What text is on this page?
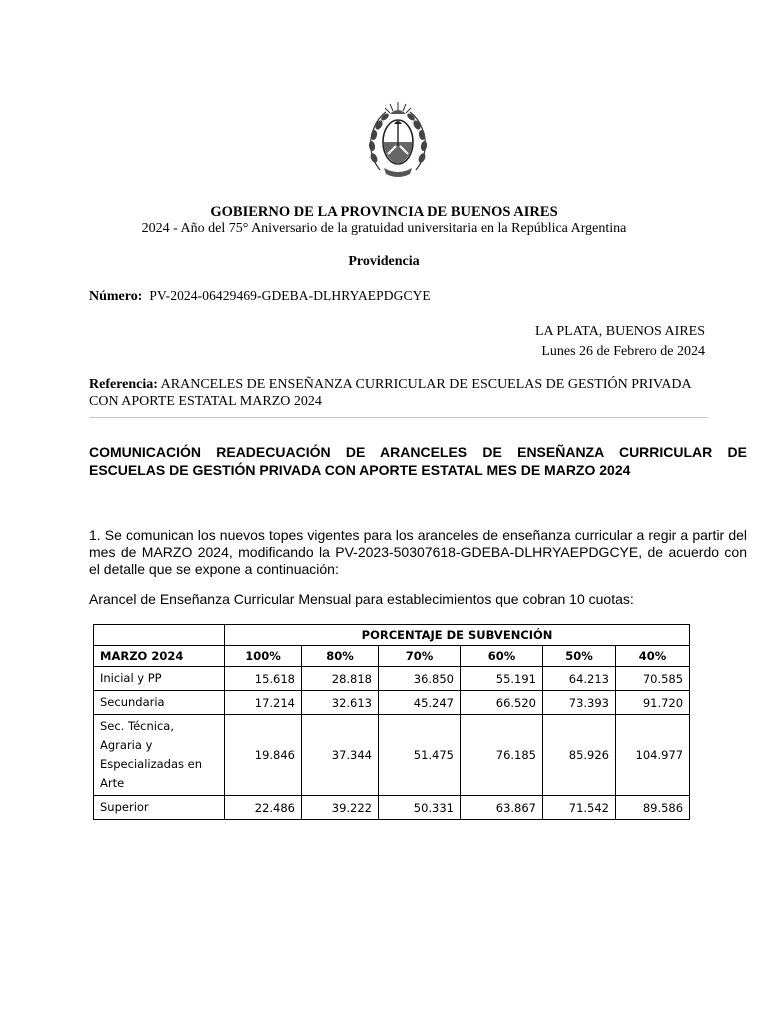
GOBIERNO DE LA PROVINCIA DE BUENOS AIRES
2024 - Año del 75° Aniversario de la gratuidad universitaria en la República Argentina
Providencia
Número: PV-2024-06429469-GDEBA-DLHRYAEPDGCYE
LA PLATA, BUENOS AIRES
Lunes 26 de Febrero de 2024
Referencia: ARANCELES DE ENSEÑANZA CURRICULAR DE ESCUELAS DE GESTIÓN PRIVADA CON APORTE ESTATAL MARZO 2024
COMUNICACIÓN READECUACIÓN DE ARANCELES DE ENSEÑANZA CURRICULAR DE ESCUELAS DE GESTIÓN PRIVADA CON APORTE ESTATAL MES DE MARZO 2024
1. Se comunican los nuevos topes vigentes para los aranceles de enseñanza curricular a regir a partir del mes de MARZO 2024, modificando la PV-2023-50307618-GDEBA-DLHRYAEPDGCYE, de acuerdo con el detalle que se expone a continuación:
Arancel de Enseñanza Curricular Mensual para establecimientos que cobran 10 cuotas:
	PORCENTAJE DE SUBVENCIÓN					
MARZO 2024	100%	80%	70%	60%	50%	40%
Inicial y PP	15.618	28.818	36.850	55.191	64.213	70.585
Secundaria	17.214	32.613	45.247	66.520	73.393	91.720
Sec. Técnica, Agraria y Especializadas en Arte	19.846	37.344	51.475	76.185	85.926	104.977
Superior	22.486	39.222	50.331	63.867	71.542	89.586
